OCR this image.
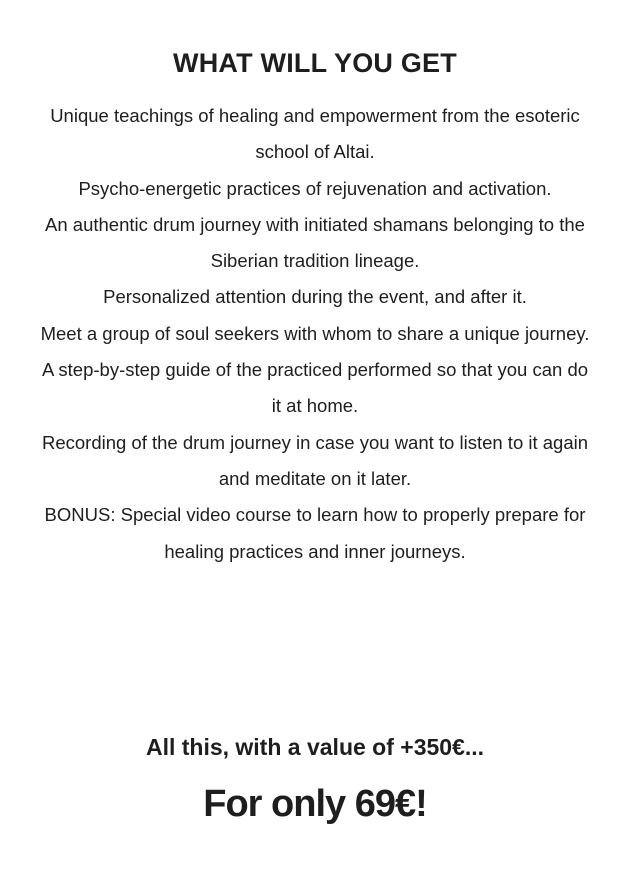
WHAT WILL YOU GET
Unique teachings of healing and empowerment from the esoteric school of Altai.
Psycho-energetic practices of rejuvenation and activation.
An authentic drum journey with initiated shamans belonging to the Siberian tradition lineage.
Personalized attention during the event, and after it.
Meet a group of soul seekers with whom to share a unique journey.
A step-by-step guide of the practiced performed so that you can do it at home.
Recording of the drum journey in case you want to listen to it again and meditate on it later.
BONUS: Special video course to learn how to properly prepare for healing practices and inner journeys.

All this, with a value of +350€...

For only 69€!
